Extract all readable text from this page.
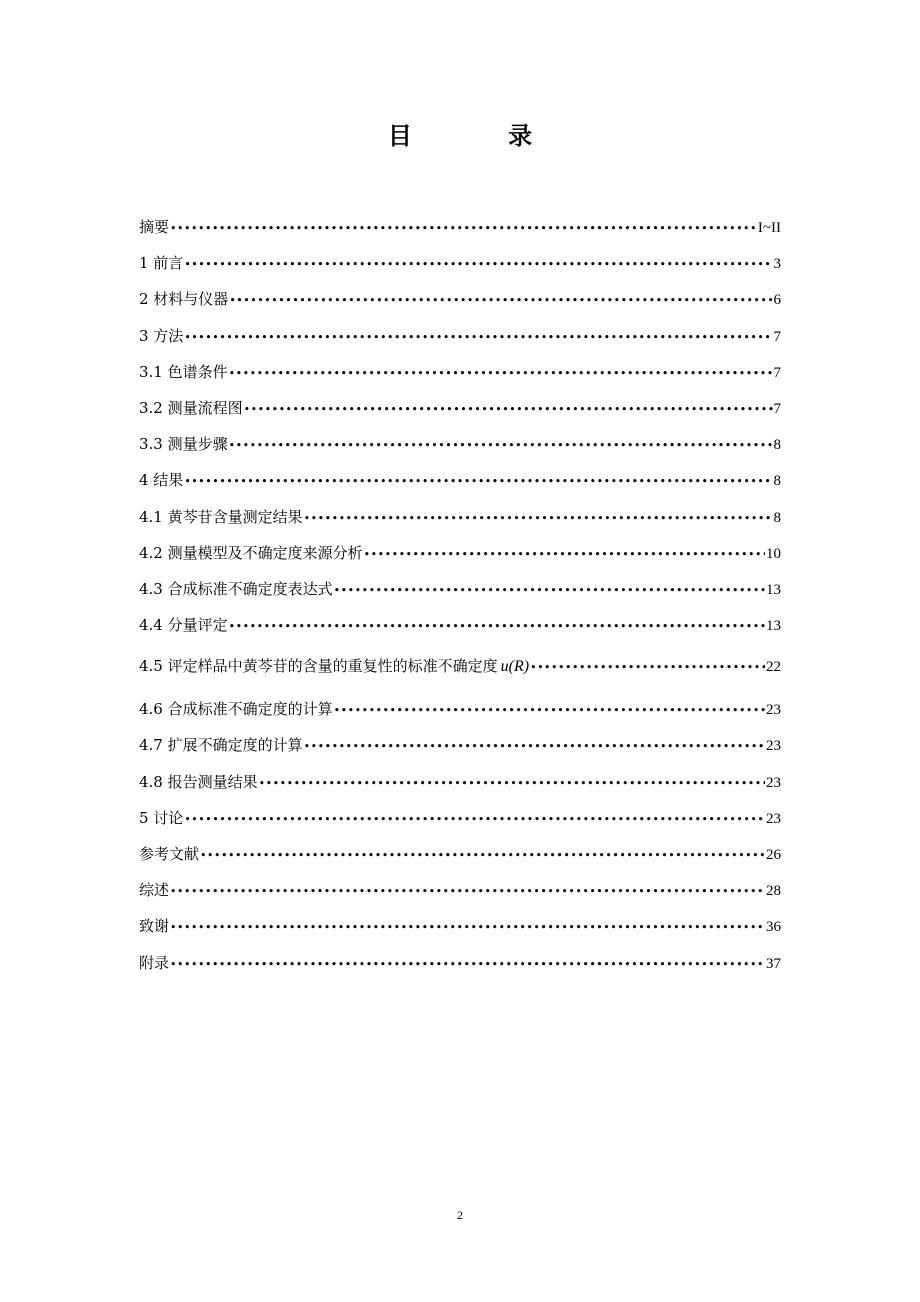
目 录
摘要 •••••	I~II
1 前言 •••••	3
2 材料与仪器 •••••	6
3 方法 •••••	7
3.1 色谱条件 •••••	7
3.2 测量流程图 •••••	7
3.3 测量步骤 •••••	8
4 结果 •••••	8
4.1 黄芩苷含量测定结果 •••••	8
4.2 测量模型及不确定度来源分析 •••••	10
4.3 合成标准不确定度表达式 •••••	13
4.4 分量评定 •••••	13
4.5 评定样品中黄芩苷的含量的重复性的标准不确定度 u(R) •••••	22
4.6 合成标准不确定度的计算 •••••	23
4.7 扩展不确定度的计算 •••••	23
4.8 报告测量结果 •••••	23
5 讨论 •••••	23
参考文献 •••••	26
综述 •••••	28
致谢 •••••	36
附录 •••••	37
2
